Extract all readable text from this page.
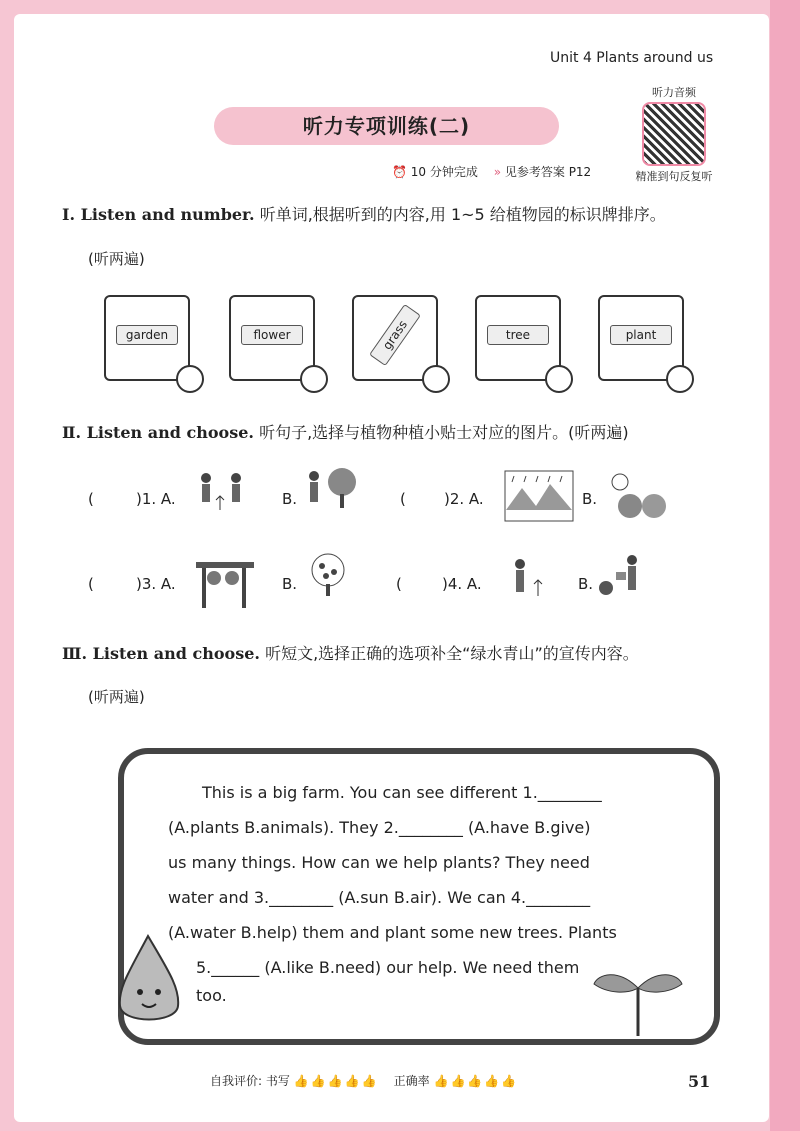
Unit 4 Plants around us
听力专项训练(二)
听力音频
精准到句反复听
⏰ 10 分钟完成 » 见参考答案 P12
Ⅰ. Listen and number. 听单词,根据听到的内容,用 1~5 给植物园的标识牌排序。
(听两遍)
garden	flower	grass	tree	plant
Ⅱ. Listen and choose. 听句子,选择与植物种植小贴士对应的图片。(听两遍)
(	)1. A.	B.	(	)2. A.	B.
(	)3. A.	B.	(	)4. A.	B.
Ⅲ. Listen and choose. 听短文,选择正确的选项补全“绿水青山”的宣传内容。
(听两遍)
This is a big farm. You can see different 1.________
(A.plants B.animals). They 2.________ (A.have B.give)
us many things. How can we help plants? They need
water and 3.________ (A.sun B.air). We can 4.________
(A.water B.help) them and plant some new trees. Plants
5.______ (A.like B.need) our help. We need them
too.
自我评价: 书写 👍👍👍👍👍 正确率 👍👍👍👍👍	51
